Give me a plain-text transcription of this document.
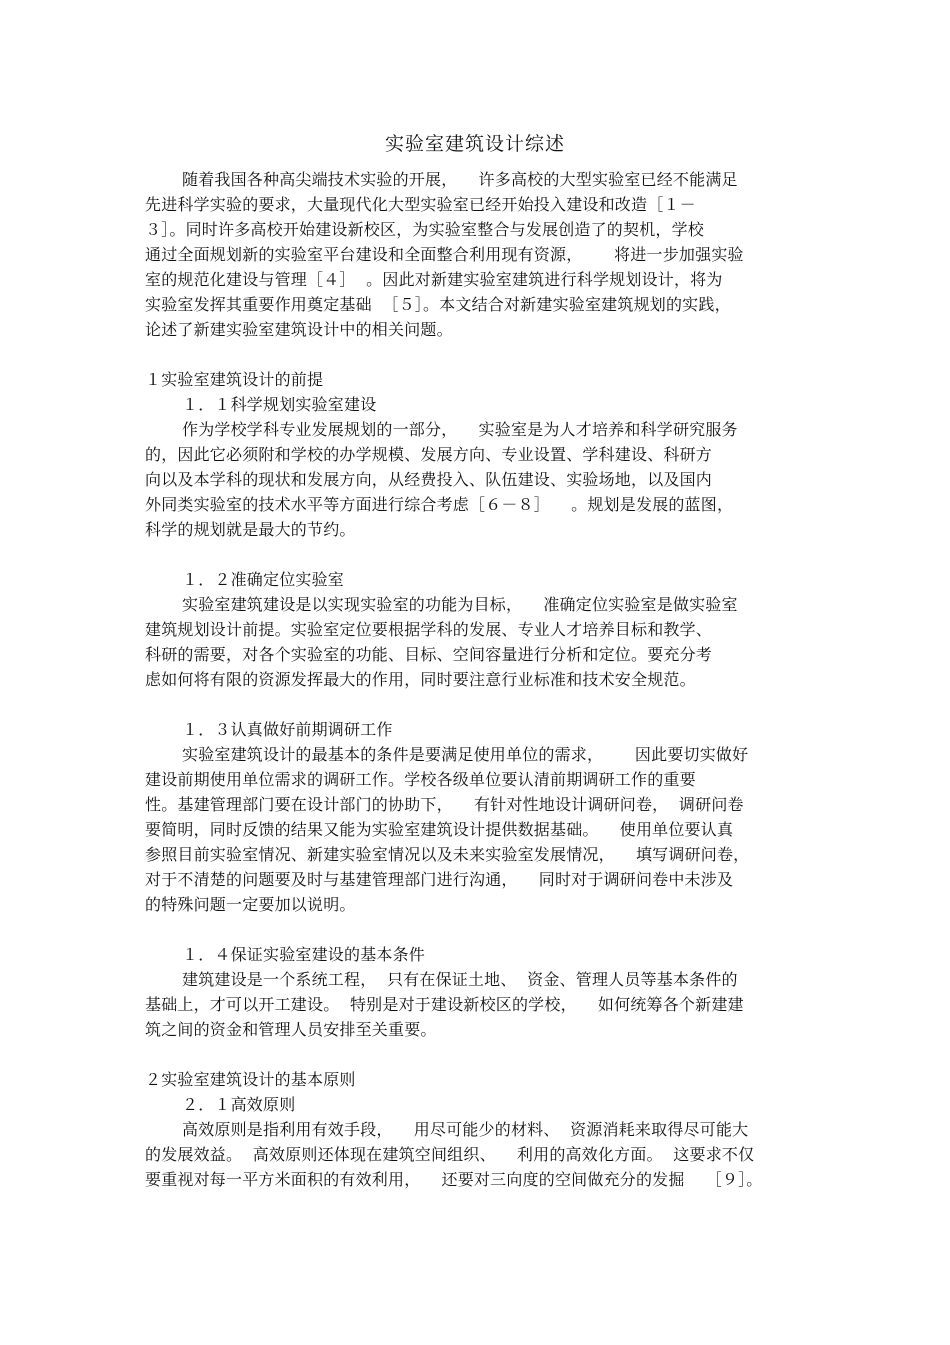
实验室建筑设计综述
随着我国各种高尖端技术实验的开展，    许多高校的大型实验室已经不能满足
先进科学实验的要求，大量现代化大型实验室已经开始投入建设和改造［１－
３］。同时许多高校开始建设新校区，为实验室整合与发展创造了的契机，学校
通过全面规划新的实验室平台建设和全面整合利用现有资源，      将进一步加强实验
室的规范化建设与管理［４］  。因此对新建实验室建筑进行科学规划设计，将为
实验室发挥其重要作用奠定基础  ［５］。本文结合对新建实验室建筑规划的实践，
论述了新建实验室建筑设计中的相关问题。
１实验室建筑设计的前提
１．１科学规划实验室建设
作为学校学科专业发展规划的一部分，    实验室是为人才培养和科学研究服务
的，因此它必须附和学校的办学规模、发展方向、专业设置、学科建设、科研方
向以及本学科的现状和发展方向，从经费投入、队伍建设、实验场地，以及国内
外同类实验室的技术水平等方面进行综合考虑［６－８］    。规划是发展的蓝图，
科学的规划就是最大的节约。
１．２准确定位实验室
实验室建筑建设是以实现实验室的功能为目标，    准确定位实验室是做实验室
建筑规划设计前提。实验室定位要根据学科的发展、专业人才培养目标和教学、
科研的需要，对各个实验室的功能、目标、空间容量进行分析和定位。要充分考
虑如何将有限的资源发挥最大的作用，同时要注意行业标准和技术安全规范。
１．３认真做好前期调研工作
实验室建筑设计的最基本的条件是要满足使用单位的需求，      因此要切实做好
建设前期使用单位需求的调研工作。学校各级单位要认清前期调研工作的重要
性。基建管理部门要在设计部门的协助下，    有针对性地设计调研问卷，  调研问卷
要简明，同时反馈的结果又能为实验室建筑设计提供数据基础。    使用单位要认真
参照目前实验室情况、新建实验室情况以及未来实验室发展情况，    填写调研问卷，
对于不清楚的问题要及时与基建管理部门进行沟通，    同时对于调研问卷中未涉及
的特殊问题一定要加以说明。
１．４保证实验室建设的基本条件
建筑建设是一个系统工程，  只有在保证土地、  资金、管理人员等基本条件的
基础上，才可以开工建设。  特别是对于建设新校区的学校，    如何统筹各个新建建
筑之间的资金和管理人员安排至关重要。
２实验室建筑设计的基本原则
２．１高效原则
高效原则是指利用有效手段，    用尽可能少的材料、  资源消耗来取得尽可能大
的发展效益。  高效原则还体现在建筑空间组织、    利用的高效化方面。  这要求不仅
要重视对每一平方米面积的有效利用，    还要对三向度的空间做充分的发掘    ［９］。
